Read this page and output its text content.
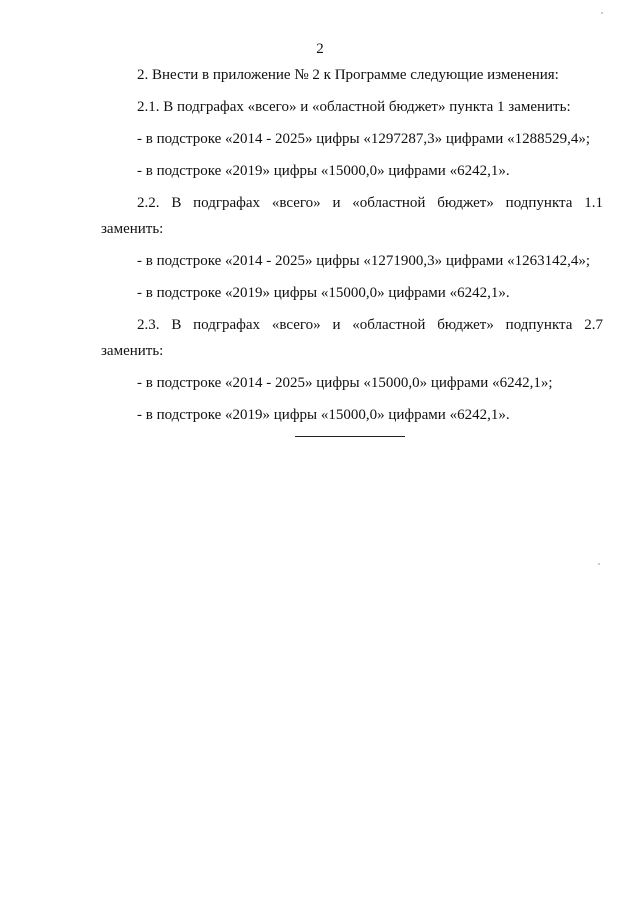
2

2. Внести в приложение № 2 к Программе следующие изменения:

2.1. В подграфах «всего» и «областной бюджет» пункта 1 заменить:

- в подстроке «2014 - 2025» цифры «1297287,3» цифрами «1288529,4»;

- в подстроке «2019» цифры «15000,0» цифрами «6242,1».

2.2. В подграфах «всего» и «областной бюджет» подпункта 1.1 заменить:

- в подстроке «2014 - 2025» цифры «1271900,3» цифрами «1263142,4»;

- в подстроке «2019» цифры «15000,0» цифрами «6242,1».

2.3. В подграфах «всего» и «областной бюджет» подпункта 2.7 заменить:

- в подстроке «2014 - 2025» цифры «15000,0» цифрами «6242,1»;

- в подстроке «2019» цифры «15000,0» цифрами «6242,1».
